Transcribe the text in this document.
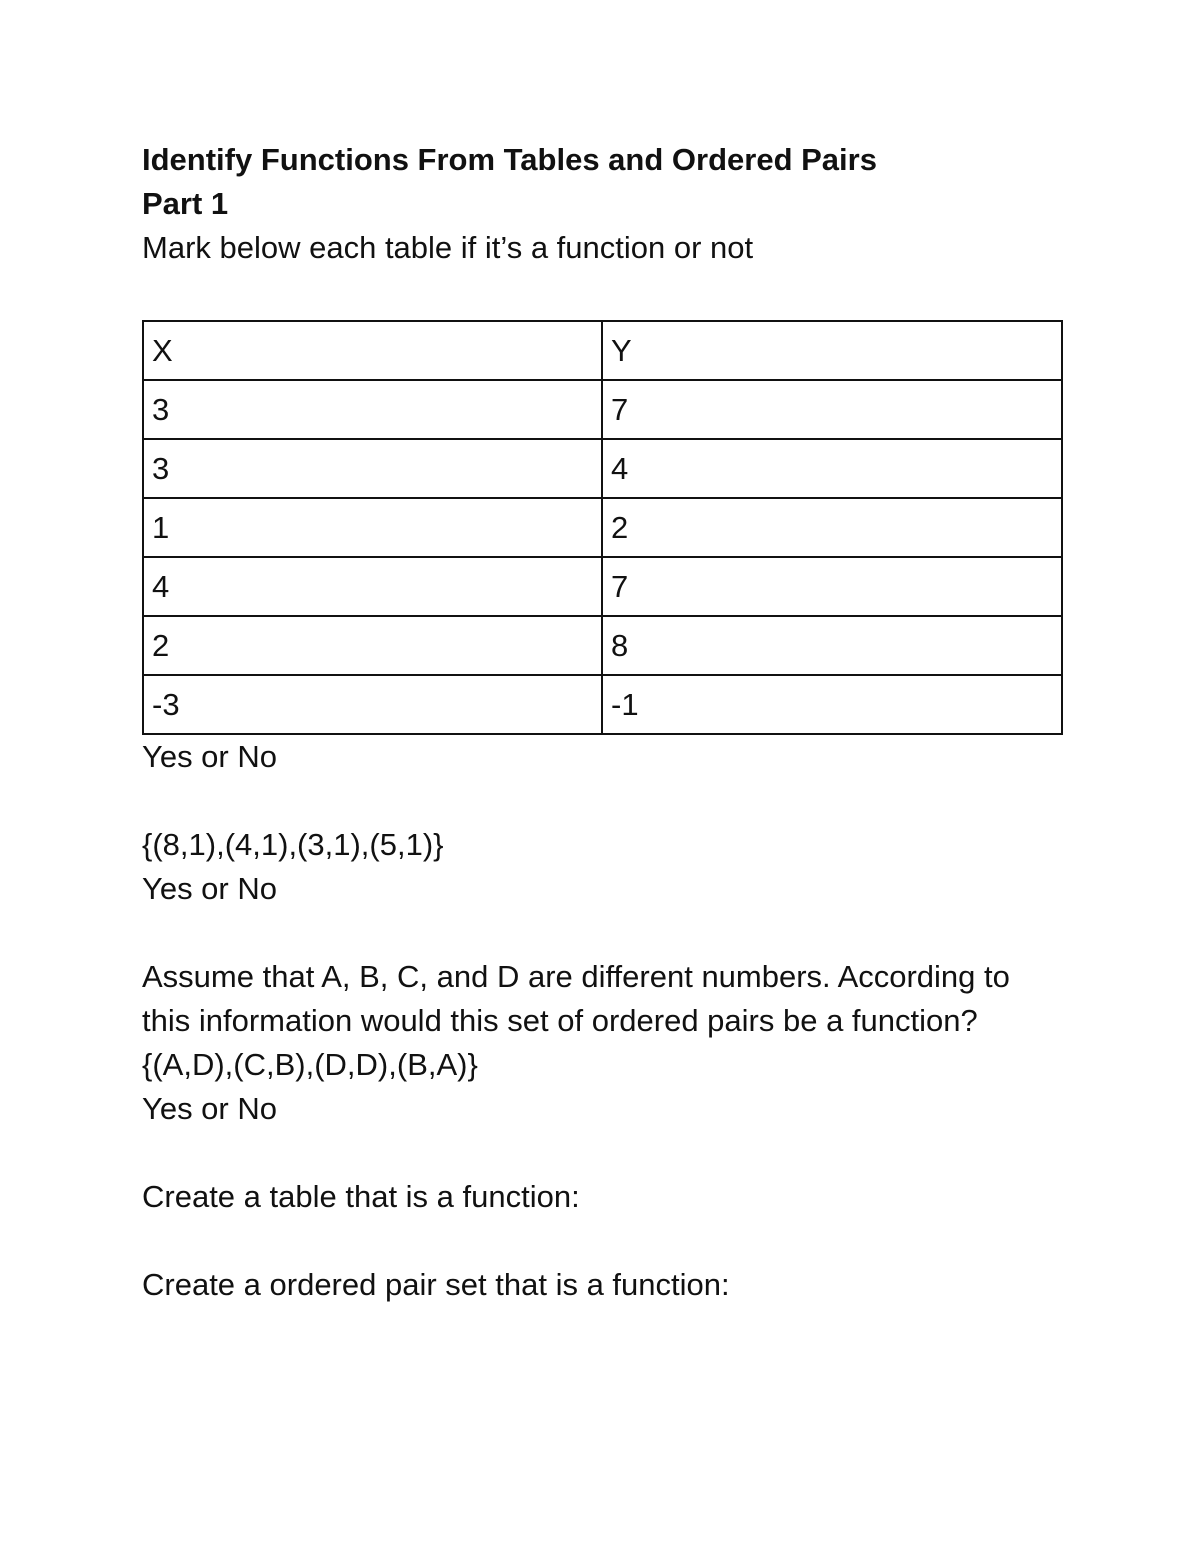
Identify Functions From Tables and Ordered Pairs

Part 1

Mark below each table if it’s a function or not

X	Y
3	7
3	4
1	2
4	7
2	8
-3	-1

Yes or No

{(8,1),(4,1),(3,1),(5,1)}

Yes or No

Assume that A, B, C, and D are different numbers. According to this information would this set of ordered pairs be a function?

{(A,D),(C,B),(D,D),(B,A)}

Yes or No

Create a table that is a function:

Create a ordered pair set that is a function:
